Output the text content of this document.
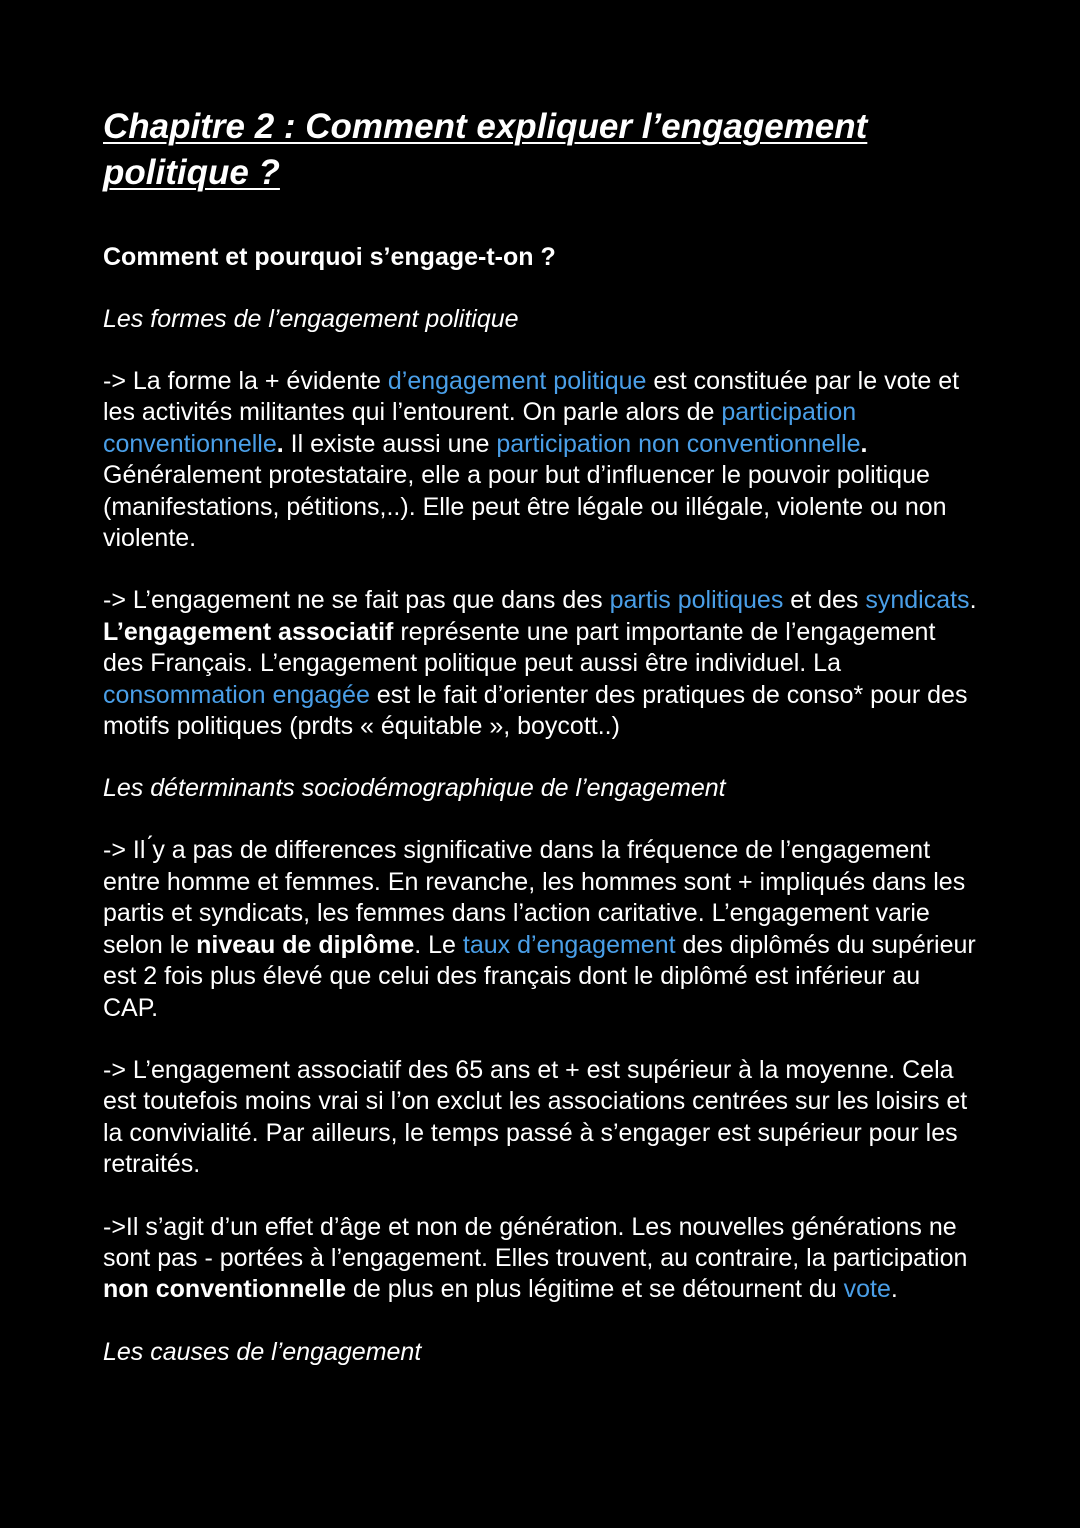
Chapitre 2 : Comment expliquer l’engagement politique ?
Comment et pourquoi s’engage-t-on ?
Les formes de l’engagement politique

-> La forme la + évidente d’engagement politique est constituée par le vote et les activités militantes qui l’entourent. On parle alors de participation conventionnelle. Il existe aussi une participation non conventionnelle. Généralement protestataire, elle a pour but d’influencer le pouvoir politique (manifestations, pétitions,..). Elle peut être légale ou illégale, violente ou non violente.

-> L’engagement ne se fait pas que dans des partis politiques et des syndicats. L’engagement associatif représente une part importante de l’engagement des Français. L’engagement politique peut aussi être individuel. La consommation engagée est le fait d’orienter des pratiques de conso* pour des motifs politiques (prdts « équitable », boycott..)

Les déterminants sociodémographique de l’engagement

-> Il ́y a pas de differences significative dans la fréquence de l’engagement entre homme et femmes. En revanche, les hommes sont + impliqués dans les partis et syndicats, les femmes dans l’action caritative. L’engagement varie selon le niveau de diplôme. Le taux d’engagement des diplômés du supérieur est 2 fois plus élevé que celui des français dont le diplômé est inférieur au CAP.

-> L’engagement associatif des 65 ans et + est supérieur à la moyenne. Cela est toutefois moins vrai si l’on exclut les associations centrées sur les loisirs et la convivialité. Par ailleurs, le temps passé à s’engager est supérieur pour les retraités.

->Il s’agit d’un effet d’âge et non de génération. Les nouvelles générations ne sont pas - portées à l’engagement. Elles trouvent, au contraire, la participation non conventionnelle de plus en plus légitime et se détournent du vote.

Les causes de l’engagement
